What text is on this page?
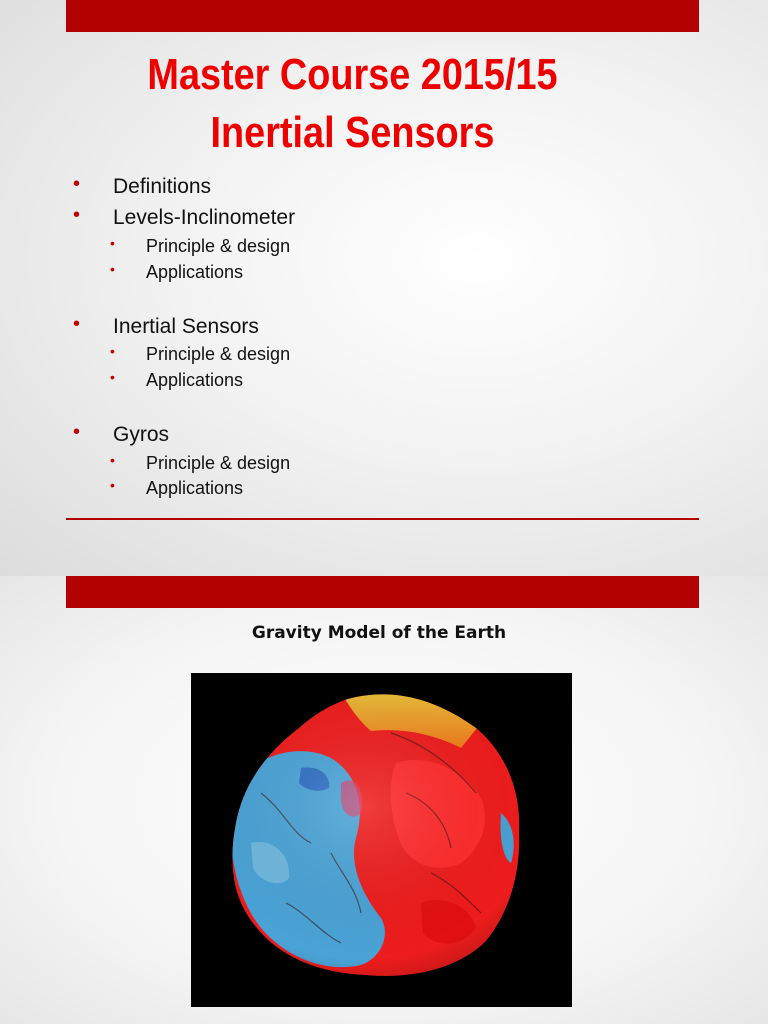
Master Course 2015/15
Inertial Sensors
• Definitions
• Levels-Inclinometer
• Principle & design
• Applications
• Inertial Sensors
• Principle & design
• Applications
• Gyros
• Principle & design
• Applications
Gravity Model of the Earth
